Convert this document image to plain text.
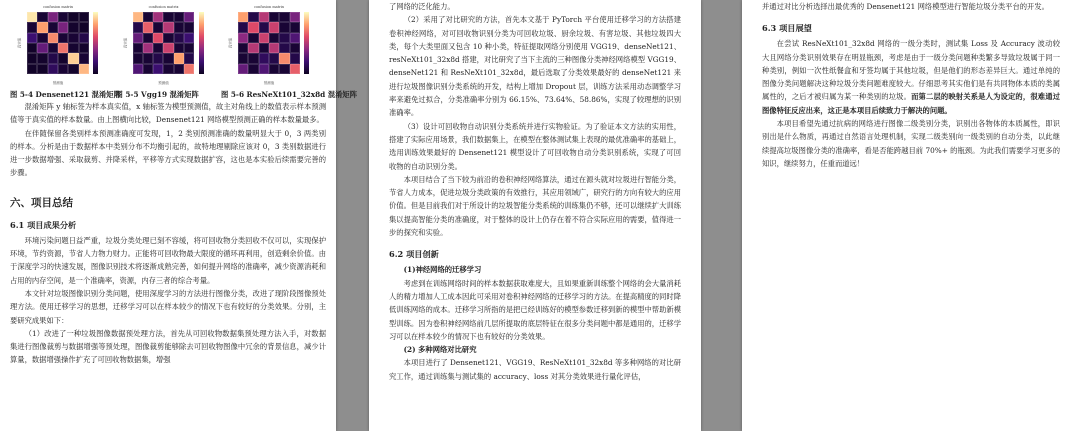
confusion matrix
真实值
预测值
图 5-4 Densenet121 混淆矩阵
confusion matrix
真实值
预测值
图 5-5 Vgg19 混淆矩阵
confusion matrix
真实值
预测值
图 5-6 ResNeXt101_32x8d 混淆矩阵

混淆矩阵 y 轴标签为样本真实值，x 轴标签为模型预测值，故主对角线上的数值表示样本预测值等于真实值的样本数量。由上图横向比较，Densenet121 网络模型预测正确的样本数量最多。

在伴随保留各类别样本预测准确度可发现，1，2 类别预测准确的数量明显大于 0，3 两类别的样本。分析是由于数据样本中类别分布不均衡引起的，故特地理剔除应该对 0，3 类别数据进行进一步数据增强、采取裁剪、并降采样，平移等方式实现数据扩容，这也是本实验后续需要完善的步骤。

六、项目总结
6.1 项目成果分析

环境污染问题日益严重，垃圾分类处理已刻不容缓，将可回收物分类回收不仅可以，实现保护环境，节约资源，节省人力物力财力。正能将可回收物最大限度的循环再利用，创造剩余价值。由于深度学习的快速发展，图像识别技术将逐渐成熟完善，如何提升网络的准确率，减少资源消耗和占用的内存空间，是一个准确率，资源，内存三者的综合考量。

本文针对垃圾图像识别分类问题，使用深度学习的方法进行图像分类，改进了现阶段图像预处理方法。使用迁移学习的思想，迁移学习可以在样本较少的情况下也有较好的分类效果。分别，主要研究成果如下：

（1）改进了一种垃圾图像数据预处理方法，首先从可回收物数据集预处理方法入手，对数据集进行图像裁剪与数据增强等预处理，图像裁剪能够除去可回收物图像中冗余的背景信息，减少计算量，数据增强操作扩充了可回收物数据集，增强

了网络的泛化能力。

（2）采用了对比研究的方法，首先本文基于 PyTorch 平台使用迁移学习的方法搭建卷积神经网络，对可回收物识别分类为可回收垃圾、厨余垃圾、有害垃圾、其他垃圾四大类，每个大类里面又包含 10 种小类，特征提取网络分别使用 VGG19、denseNet121、resNeXt101_32x8d 搭建，对比研究了当下主流的三种图像分类神经网络模型 VGG19、denseNet121 和 ResNeXt101_32x8d，最后选取了分类效果最好的 denseNet121 来进行垃圾图像识别分类系统的开发，结构上增加 Dropout 层，训练方法采用动态调整学习率来避免过拟合，分类准确率分别为 66.15%、73.64%、58.86%，实现了较理想的识别准确率。

（3）设计可回收物自动识别分类系统并进行实物验证。为了验证本文方法的实用性，搭建了实际应用场景，我们数据集上，在模型在整体测试集上表现的最优准确率的基础上，选用训练效果最好的 Densenet121 模型设计了可回收物自动分类识别系统，实现了可回收物的自动识别分类。

本项目结合了当下较为前沿的卷积神经网络算法，通过在源头就对垃圾进行智能分类，节省人力成本，促进垃圾分类政策的有效推行，其应用领域广，研究行的方向有较大的应用价值。但是目前我们对于所设计的垃圾智能分类系统的训练集仍不够，还可以继续扩大训练集以提高智能分类的准确度，对于整体的设计上仍存在着不符合实际应用的需要，值得进一步的探究和实验。

6.2 项目创新
(1)神经网络的迁移学习

考虑到在训练网络时间的样本数据获取难度大，且如果重新训练整个网络的会大量消耗人的精力增加人工成本因此可采用对卷积神经网络的迁移学习的方法。在提高精度的同时降低训练网络的成本。迁移学习所指的是把已经训练好的模型参数迁移到新的模型中帮助新模型训练。因为卷积神经网络前几层所提取的底层特征在很多分类问题中都是通用的，迁移学习可以在样本较少的情况下也有较好的分类效果。

(2) 多种网络对比研究

本项目进行了 Densenet121、VGG19、ResNeXt101_32x8d 等多种网络的对比研究工作，通过训练集与测试集的 accuracy、loss 对其分类效果进行量化评估，

并通过对比分析选择出最优秀的 Densenet121 网络模型进行智能垃圾分类平台的开发。

6.3 项目展望

在尝试 ResNeXt101_32x8d 网络的一级分类时，测试集 Loss 及 Accuracy 波动较大且网络分类识别效果存在明显瓶颈，考虑是由于一级分类问题种类繁多导致垃圾属于同一种类别，例如一次性纸餐盒和牙签均属于其他垃圾，但是他们的形态差异巨大。通过单纯的图像分类问题解决这种垃圾分类问题难度较大。仔细思考其实他们是有共同物体本质的类属属性的，之后才被归属为某一种类别的垃圾。而第二层的映射关系是人为设定的，很难通过图像特征反应出来，这正是本项目后续致力于解决的问题。

本项目希望先通过抗病的网络进行图像二级类别分类，识别出各物体的本质属性，即识别出是什么物质，再通过自然语言处理机制，实现二级类别向一级类别的自动分类，以此继续提高垃圾图像分类的准确率，看是否能跨越目前 70%+ 的瓶颈。为此我们需要学习更多的知识，继续努力，任重而道远！
